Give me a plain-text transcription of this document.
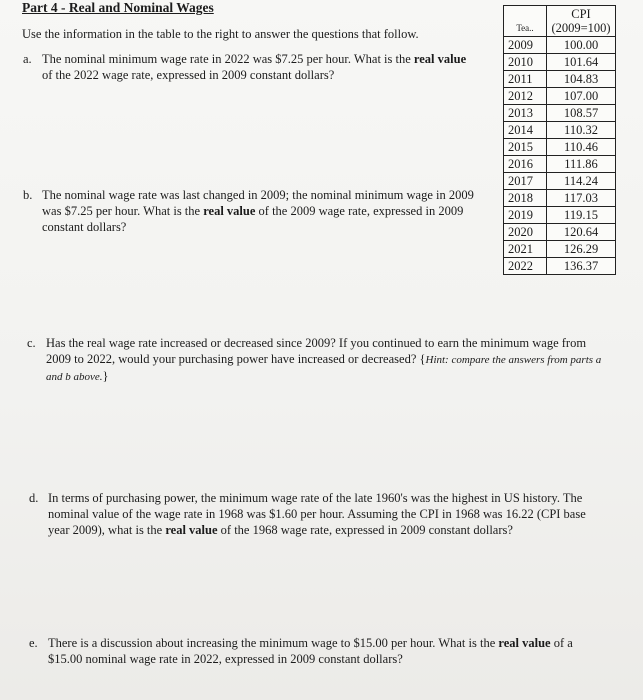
Part 4 - Real and Nominal Wages
Use the information in the table to the right to answer the questions that follow.
a. The nominal minimum wage rate in 2022 was $7.25 per hour. What is the real value of the 2022 wage rate, expressed in 2009 constant dollars?
b. The nominal wage rate was last changed in 2009; the nominal minimum wage in 2009 was $7.25 per hour. What is the real value of the 2009 wage rate, expressed in 2009 constant dollars?
c. Has the real wage rate increased or decreased since 2009? If you continued to earn the minimum wage from 2009 to 2022, would your purchasing power have increased or decreased? {Hint: compare the answers from parts a and b above.}
d. In terms of purchasing power, the minimum wage rate of the late 1960's was the highest in US history. The nominal value of the wage rate in 1968 was $1.60 per hour. Assuming the CPI in 1968 was 16.22 (CPI base year 2009), what is the real value of the 1968 wage rate, expressed in 2009 constant dollars?
e. There is a discussion about increasing the minimum wage to $15.00 per hour. What is the real value of a $15.00 nominal wage rate in 2022, expressed in 2009 constant dollars?
Tea..	CPI
(2009=100)
2009	100.00
2010	101.64
2011	104.83
2012	107.00
2013	108.57
2014	110.32
2015	110.46
2016	111.86
2017	114.24
2018	117.03
2019	119.15
2020	120.64
2021	126.29
2022	136.37
